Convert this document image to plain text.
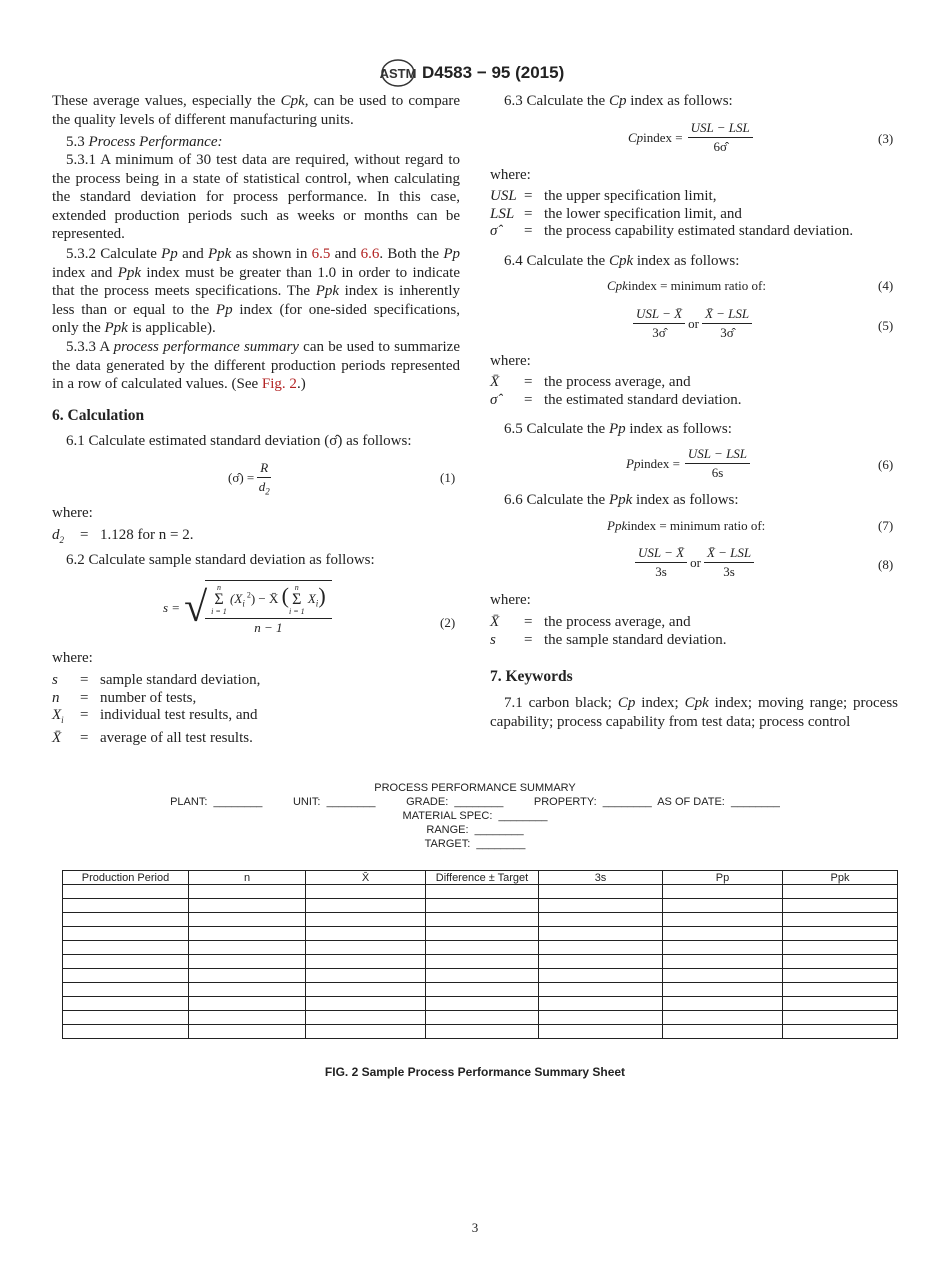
ASTM D4583 − 95 (2015)
These average values, especially the Cpk, can be used to compare the quality levels of different manufacturing units.
5.3 Process Performance:
5.3.1 A minimum of 30 test data are required, without regard to the process being in a state of statistical control, when calculating the standard deviation for process performance. In this case, extended production periods such as weeks or months can be represented.
5.3.2 Calculate Pp and Ppk as shown in 6.5 and 6.6. Both the Pp index and Ppk index must be greater than 1.0 in order to indicate that the process meets specifications. The Ppk index is inherently less than or equal to the Pp index (for one-sided specifications, only the Ppk is applicable).
5.3.3 A process performance summary can be used to summarize the data generated by the different production periods represented in a row of calculated values. (See Fig. 2.)
6. Calculation
6.1 Calculate estimated standard deviation (σ̂) as follows:
(σ̂) = $\frac{R}{d_2}$	(1)
where:
$d_2 = 1.128$ for n = 2.
6.2 Calculate sample standard deviation as follows:
s = √
n
Σ
i = 1
($X_i$ $^2$) − X̄ ( n
Σ
i = 1
$X_i$)
n − 1	(2)
where:
s = sample standard deviation,
n = number of tests,
$X_i$ = individual test results, and
X̄ = average of all test results.
6.3 Calculate the Cp index as follows:
Cp index = $\frac{\text{USL − LSL}}{6\sigmâ}$	(3)
where:
USL = the upper specification limit,
LSL = the lower specification limit, and
σ̂ = the process capability estimated standard deviation.
6.4 Calculate the Cpk index as follows:
Cpk index = minimum ratio of:	(4)
$\frac{\text{USL − X̄}}{3\sigmâ}$ or $\frac{\text{X̄ − LSL}}{3\sigmâ}$	(5)
where:
X̄ = the process average, and
σ̂ = the estimated standard deviation.
6.5 Calculate the Pp index as follows:
Pp index = $\frac{\text{USL − LSL}}{6s}$	(6)
6.6 Calculate the Ppk index as follows:
Ppk index = minimum ratio of:	(7)
$\frac{\text{USL − X̄}}{3s}$ or $\frac{\text{X̄ − LSL}}{3s}$	(8)
where:
X̄ = the process average, and
s = the sample standard deviation.
7. Keywords
7.1 carbon black; Cp index; Cpk index; moving range; process capability; process capability from test data; process control
PROCESS PERFORMANCE SUMMARY
PLANT:  ________          UNIT:  ________          GRADE:  ________          PROPERTY:  ________  AS OF DATE:  ________
MATERIAL SPEC:  ________
RANGE:  ________
TARGET:  ________
Production Period	n	X̄	Difference ± Target	3s	Pp	Ppk

FIG. 2 Sample Process Performance Summary Sheet
3
